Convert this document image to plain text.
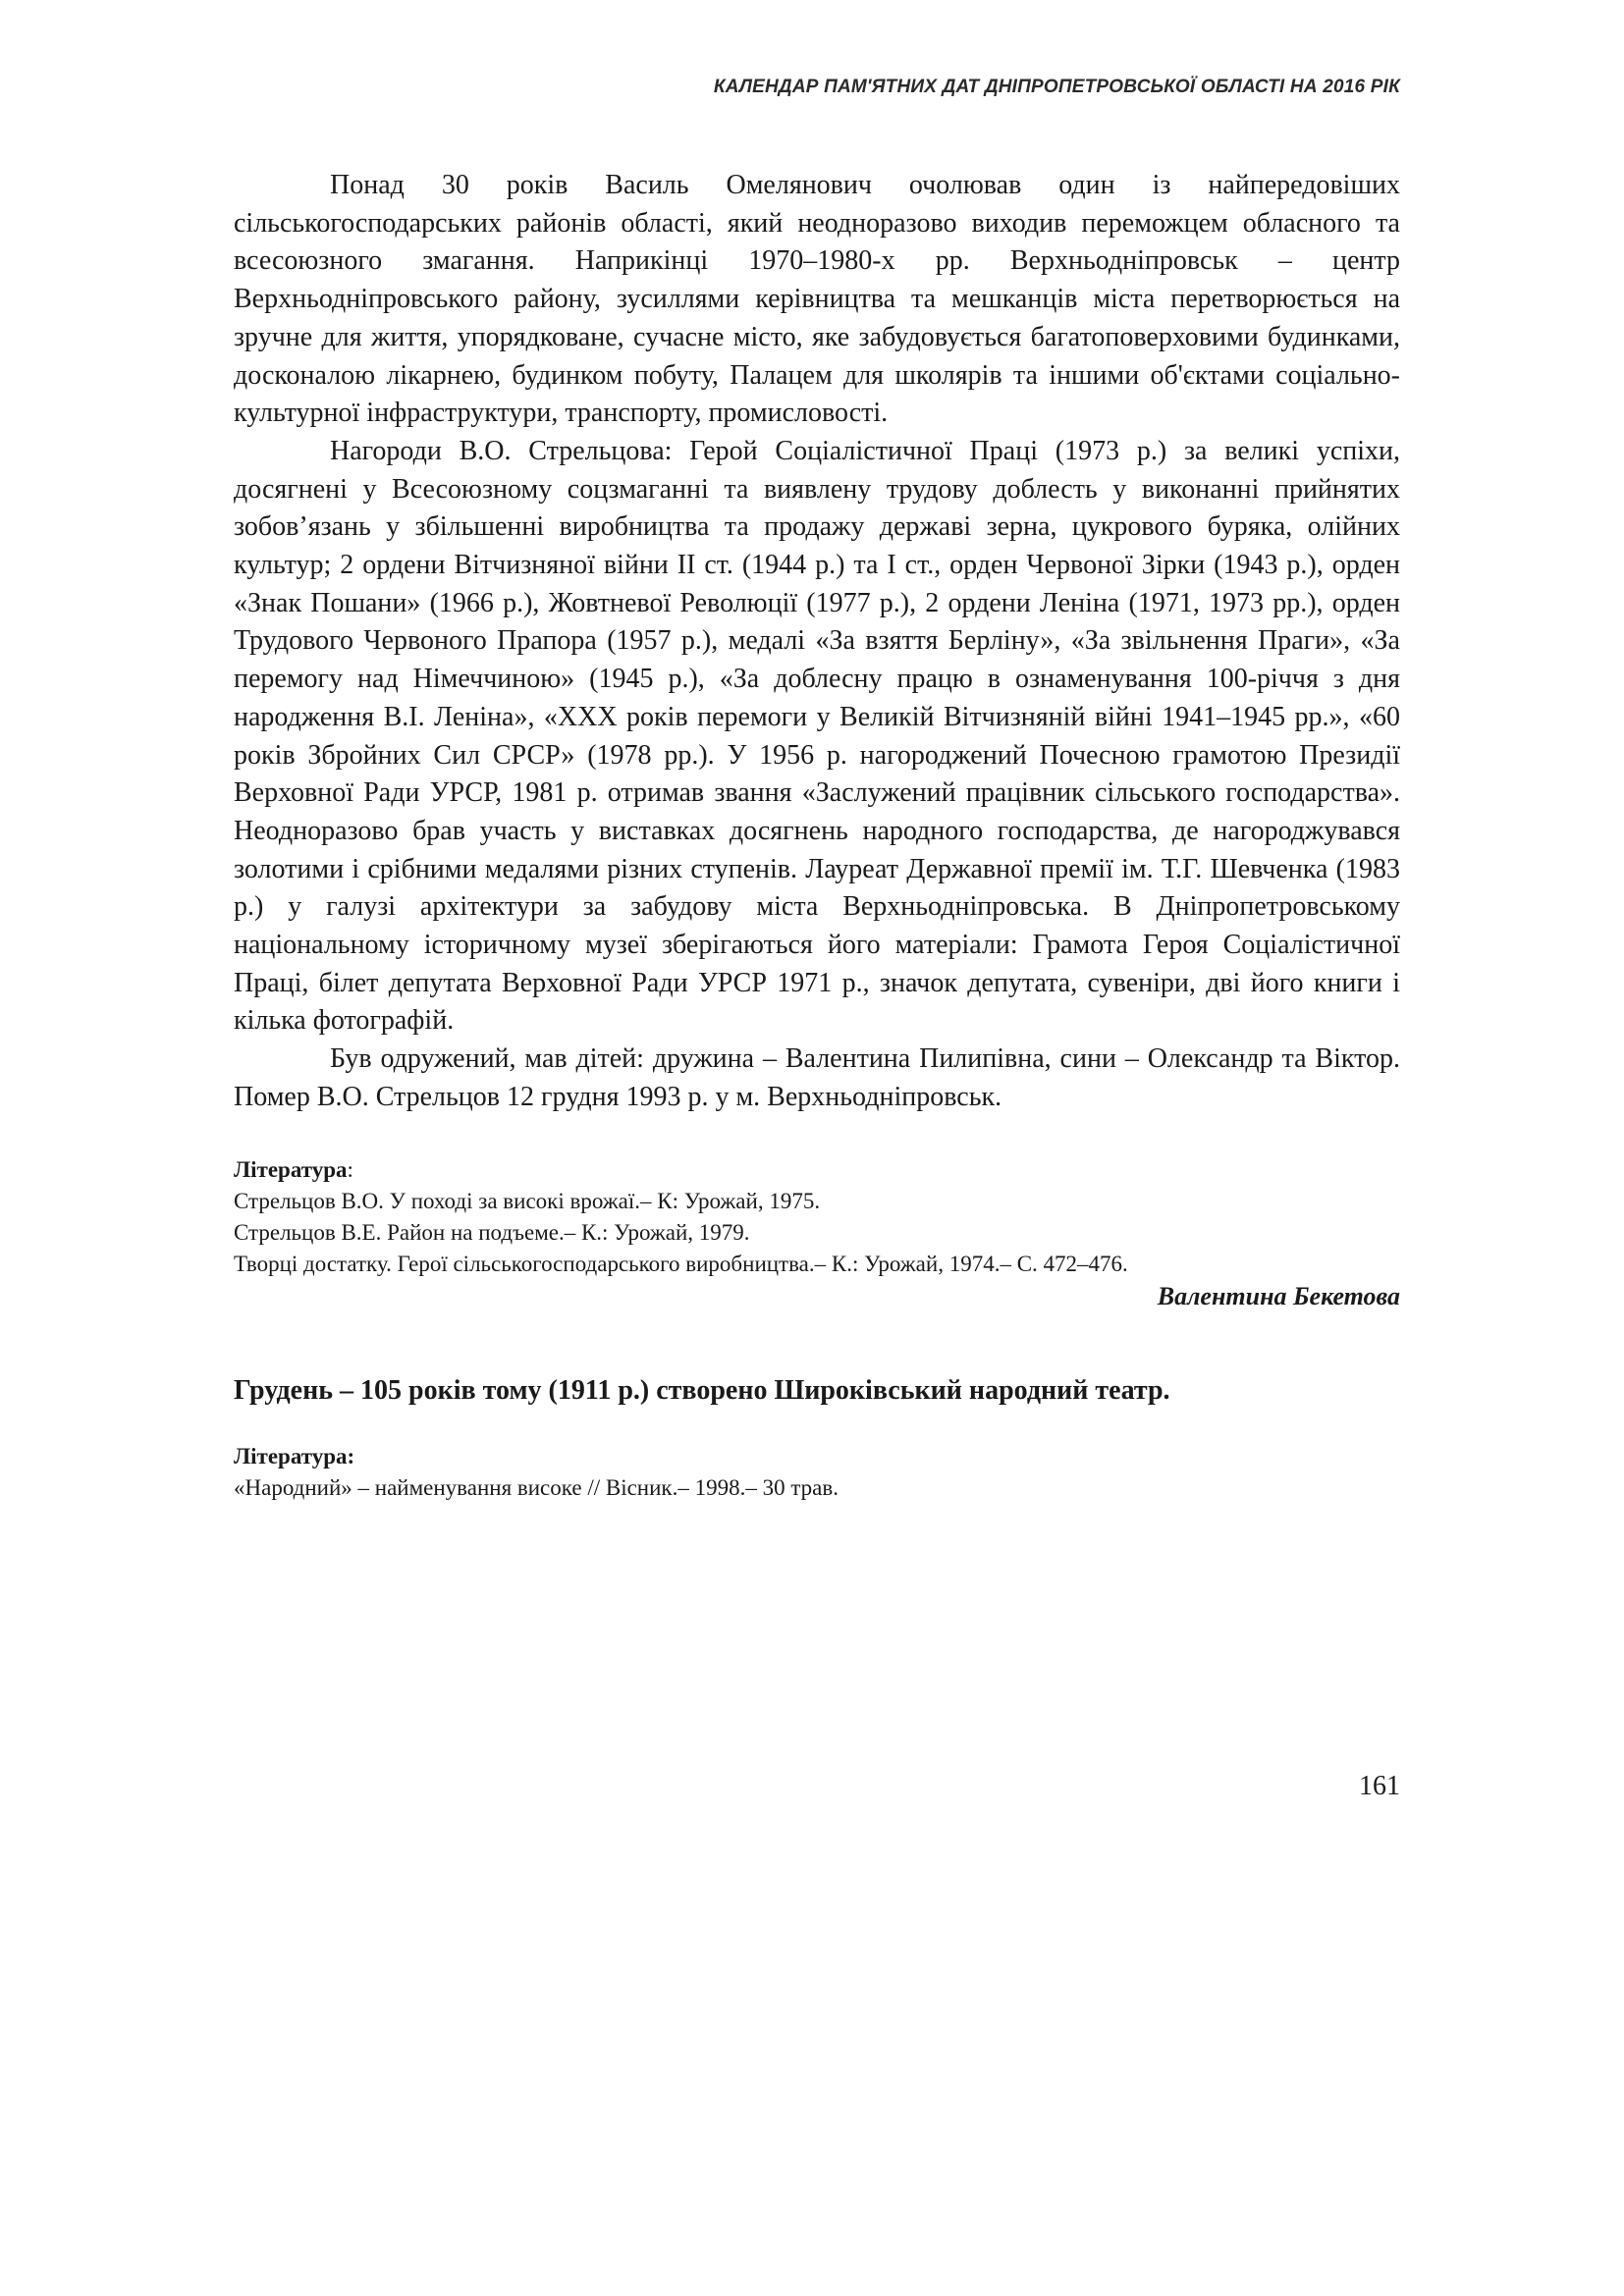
КАЛЕНДАР ПАМ'ЯТНИХ ДАТ ДНІПРОПЕТРОВСЬКОЇ ОБЛАСТІ НА 2016 РІК

Понад 30 років Василь Омелянович очолював один із найпередовіших сільськогосподарських районів області, який неодноразово виходив переможцем обласного та всесоюзного змагання. Наприкінці 1970–1980-х рр. Верхньодніпровськ – центр Верхньодніпровського району, зусиллями керівництва та мешканців міста перетворюється на зручне для життя, упорядковане, сучасне місто, яке забудовується багатоповерховими будинками, досконалою лікарнею, будинком побуту, Палацем для школярів та іншими об'єктами соціально-культурної інфраструктури, транспорту, промисловості.

Нагороди В.О. Стрельцова: Герой Соціалістичної Праці (1973 р.) за великі успіхи, досягнені у Всесоюзному соцзмаганні та виявлену трудову доблесть у виконанні прийнятих зобов’язань у збільшенні виробництва та продажу державі зерна, цукрового буряка, олійних культур; 2 ордени Вітчизняної війни ІІ ст. (1944 р.) та І ст., орден Червоної Зірки (1943 р.), орден «Знак Пошани» (1966 р.), Жовтневої Революції (1977 р.), 2 ордени Леніна (1971, 1973 рр.), орден Трудового Червоного Прапора (1957 р.), медалі «За взяття Берліну», «За звільнення Праги», «За перемогу над Німеччиною» (1945 р.), «За доблесну працю в ознаменування 100-річчя з дня народження В.І. Леніна», «ХХХ років перемоги у Великій Вітчизняній війні 1941–1945 рр.», «60 років Збройних Сил СРСР» (1978 рр.). У 1956 р. нагороджений Почесною грамотою Президії Верховної Ради УРСР, 1981 р. отримав звання «Заслужений працівник сільського господарства». Неодноразово брав участь у виставках досягнень народного господарства, де нагороджувався золотими і срібними медалями різних ступенів. Лауреат Державної премії ім. Т.Г. Шевченка (1983 р.) у галузі архітектури за забудову міста Верхньодніпровська. В Дніпропетровському національному історичному музеї зберігаються його матеріали: Грамота Героя Соціалістичної Праці, білет депутата Верховної Ради УРСР 1971 р., значок депутата, сувеніри, дві його книги і кілька фотографій.

Був одружений, мав дітей: дружина – Валентина Пилипівна, сини – Олександр та Віктор. Помер В.О. Стрельцов 12 грудня 1993 р. у м. Верхньодніпровськ.

Література:

Стрельцов В.О. У поході за високі врожаї.– К: Урожай, 1975.

Стрельцов В.Е. Район на подъеме.– К.: Урожай, 1979.

Творці достатку. Герої сільськогосподарського виробництва.– К.: Урожай, 1974.– С. 472–476.

Валентина Бекетова
Грудень – 105 років тому (1911 р.) створено Широківський народний театр.
Література:

«Народний» – найменування високе // Вісник.– 1998.– 30 трав.

161
